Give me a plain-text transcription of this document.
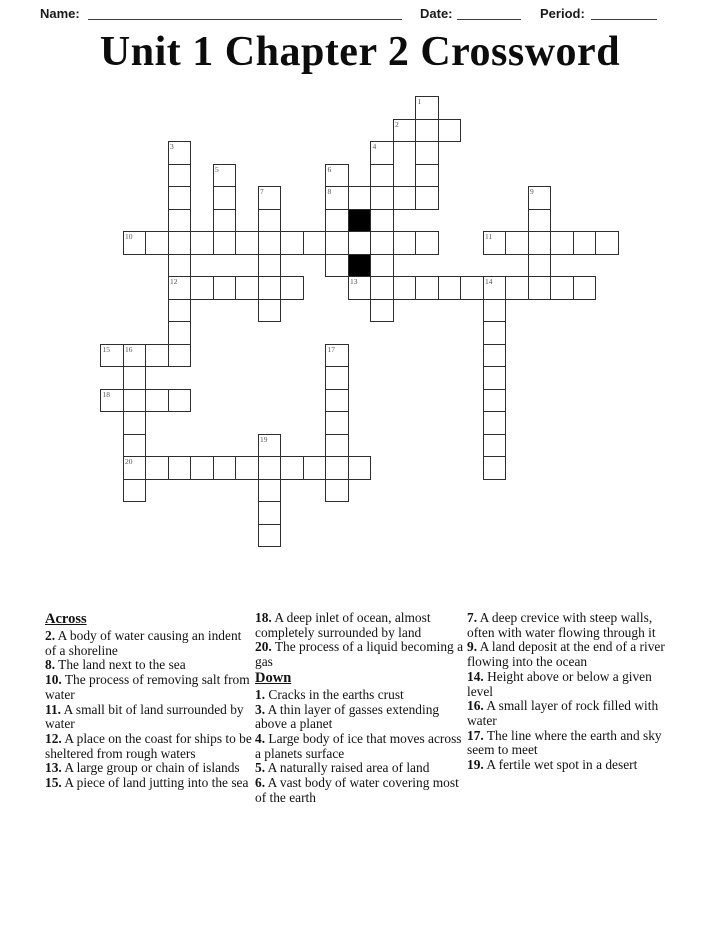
Name:	Date:	Period:
Unit 1 Chapter 2 Crossword
1
2
3	4
5	6
7	8	9
10	11
12	13	14
15 16	17
18
19
20
Across
2. A body of water causing an indent of a shoreline
8. The land next to the sea
10. The process of removing salt from water
11. A small bit of land surrounded by water
12. A place on the coast for ships to be sheltered from rough waters
13. A large group or chain of islands
15. A piece of land jutting into the sea
18. A deep inlet of ocean, almost completely surrounded by land
20. The process of a liquid becoming a gas
Down
1. Cracks in the earths crust
3. A thin layer of gasses extending above a planet
4. Large body of ice that moves across a planets surface
5. A naturally raised area of land
6. A vast body of water covering most of the earth
7. A deep crevice with steep walls, often with water flowing through it
9. A land deposit at the end of a river flowing into the ocean
14. Height above or below a given level
16. A small layer of rock filled with water
17. The line where the earth and sky seem to meet
19. A fertile wet spot in a desert
